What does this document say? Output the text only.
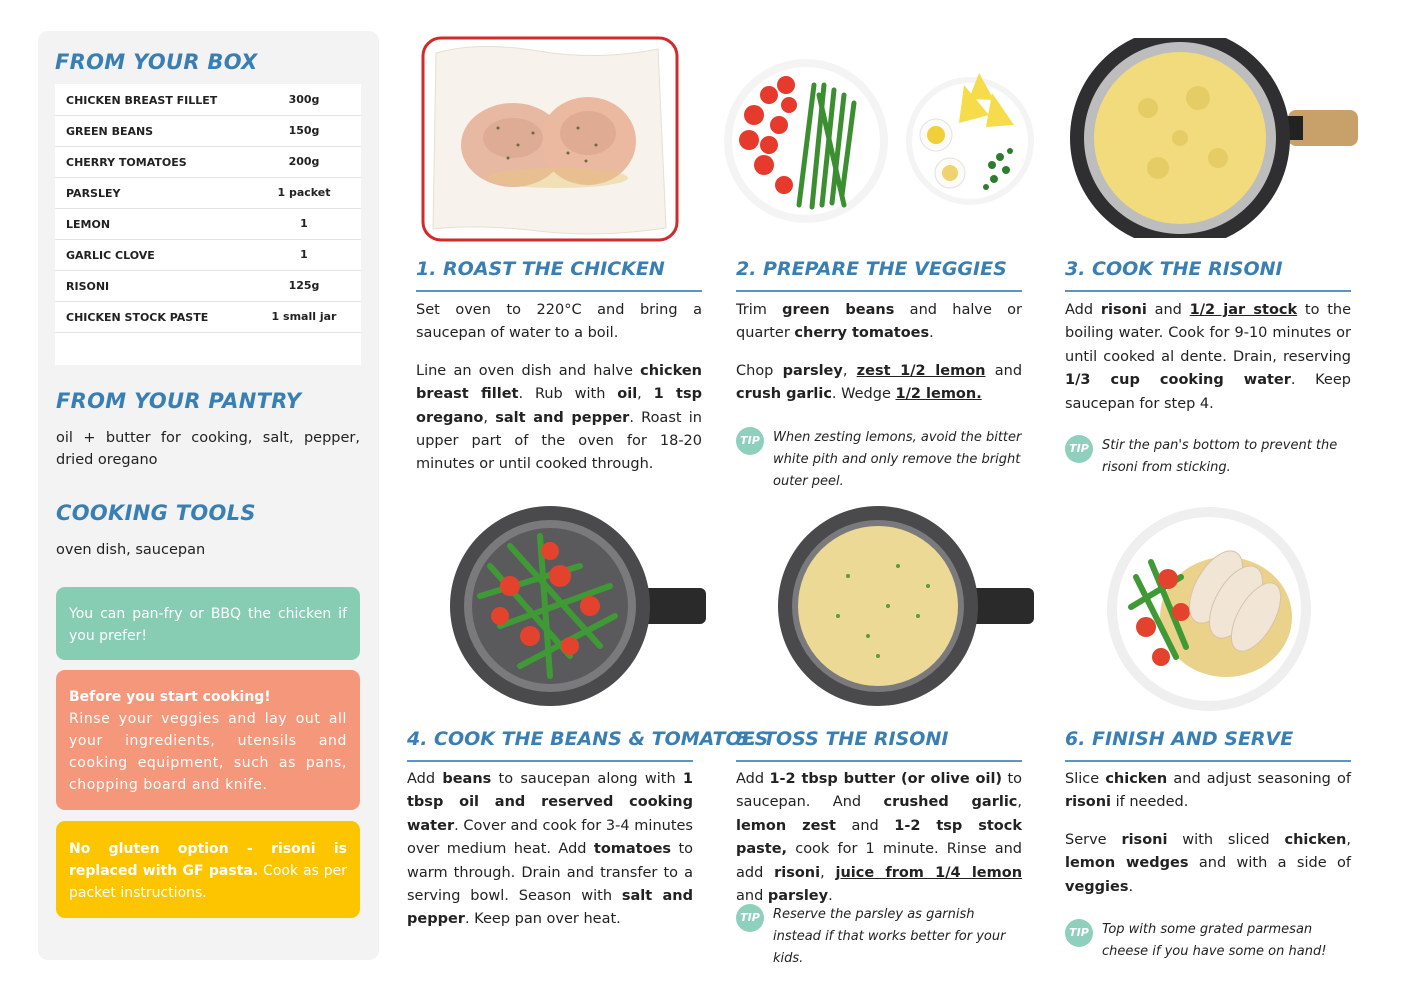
FROM YOUR BOX
CHICKEN BREAST FILLET	300g
GREEN BEANS	150g
CHERRY TOMATOES	200g
PARSLEY	1 packet
LEMON	1
GARLIC CLOVE	1
RISONI	125g
CHICKEN STOCK PASTE	1 small jar
FROM YOUR PANTRY
oil + butter for cooking, salt, pepper, dried oregano
COOKING TOOLS
oven dish, saucepan
You can pan-fry or BBQ the chicken if you prefer!
Before you start cooking!
Rinse your veggies and lay out all your ingredients, utensils and cooking equipment, such as pans, chopping board and knife.
No gluten option - risoni is replaced with GF pasta. Cook as per packet instructions.
1. ROAST THE CHICKEN

Set oven to 220°C and bring a saucepan of water to a boil.

Line an oven dish and halve chicken breast fillet. Rub with oil, 1 tsp oregano, salt and pepper. Roast in upper part of the oven for 18-20 minutes or until cooked through.

2. PREPARE THE VEGGIES

Trim green beans and halve or quarter cherry tomatoes.

Chop parsley, zest 1/2 lemon and crush garlic. Wedge 1/2 lemon.

TIP	When zesting lemons, avoid the bitter white pith and only remove the bright outer peel.
3. COOK THE RISONI

Add risoni and 1/2 jar stock to the boiling water. Cook for 9-10 minutes or until cooked al dente. Drain, reserving 1/3 cup cooking water. Keep saucepan for step 4.

TIP	Stir the pan's bottom to prevent the risoni from sticking.
4. COOK THE BEANS & TOMATOES

Add beans to saucepan along with 1 tbsp oil and reserved cooking water. Cover and cook for 3-4 minutes over medium heat. Add tomatoes to warm through. Drain and transfer to a serving bowl. Season with salt and pepper. Keep pan over heat.

5. TOSS THE RISONI

Add 1-2 tbsp butter (or olive oil) to saucepan. And crushed garlic, lemon zest and 1-2 tsp stock paste, cook for 1 minute. Rinse and add risoni, juice from 1/4 lemon and parsley.

TIP	Reserve the parsley as garnish instead if that works better for your kids.
6. FINISH AND SERVE

Slice chicken and adjust seasoning of risoni if needed.

Serve risoni with sliced chicken, lemon wedges and with a side of veggies.

TIP	Top with some grated parmesan cheese if you have some on hand!
